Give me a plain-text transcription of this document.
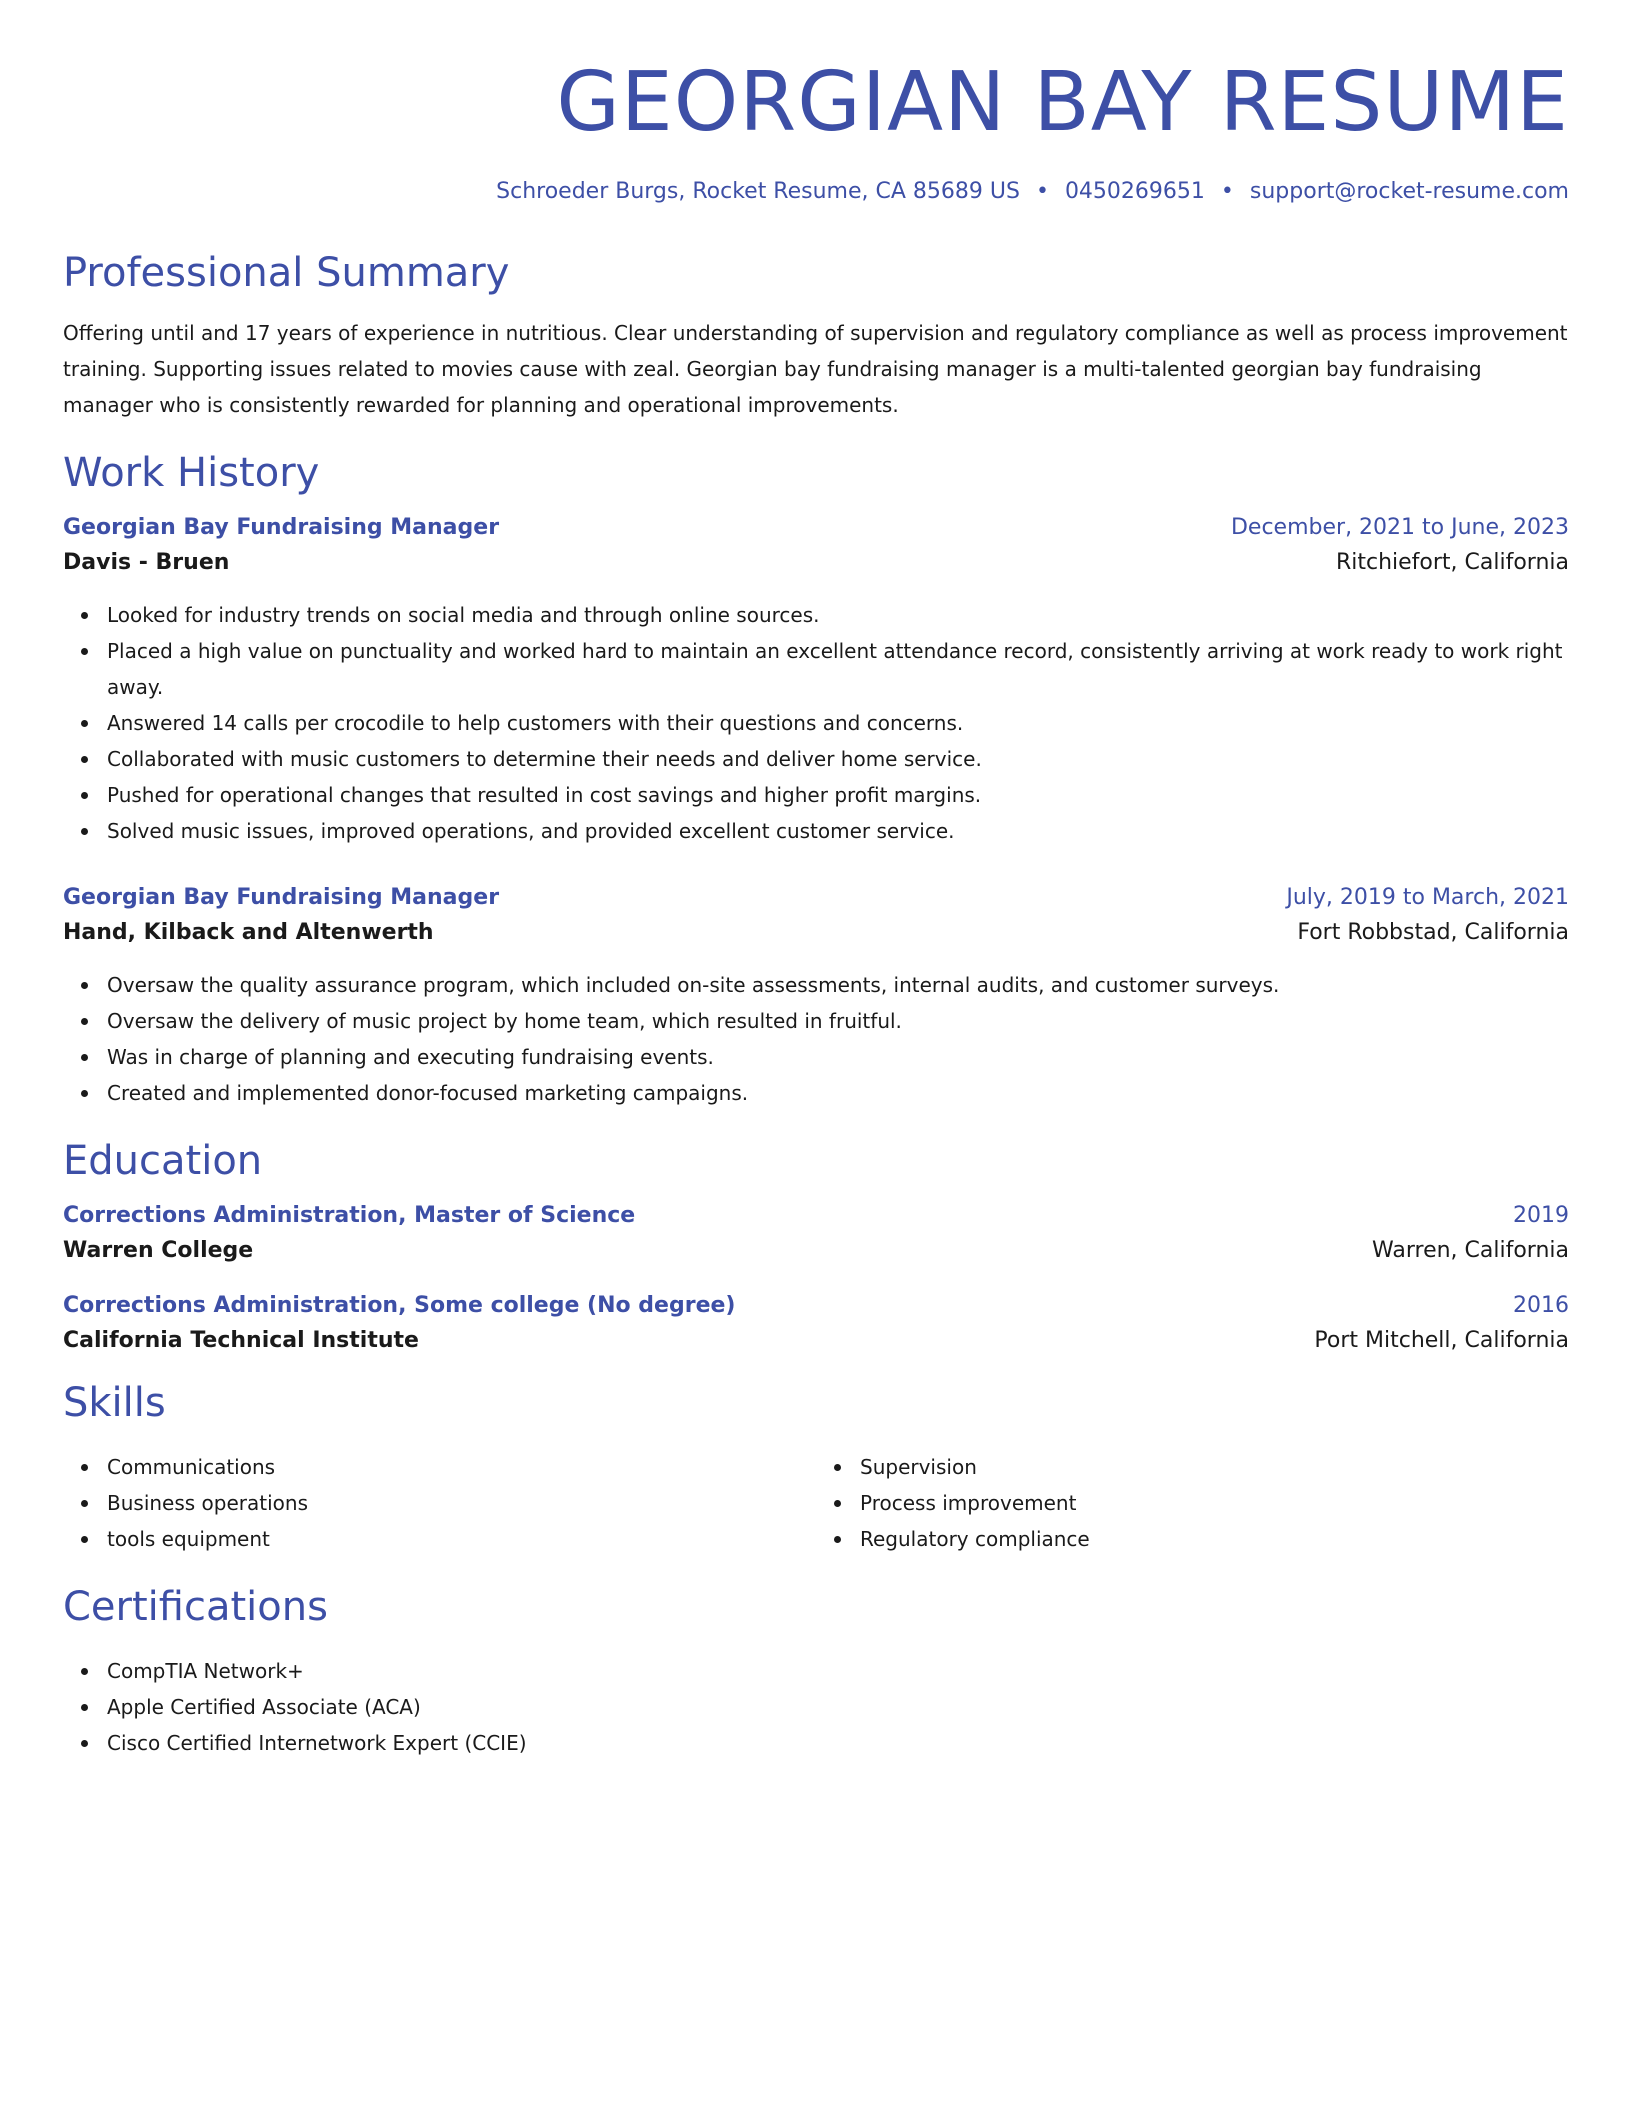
GEORGIAN BAY RESUME
Schroeder Burgs, Rocket Resume, CA 85689 US • 0450269651 • support@rocket-resume.com
Professional Summary
Offering until and 17 years of experience in nutritious. Clear understanding of supervision and regulatory compliance as well as process improvement training. Supporting issues related to movies cause with zeal. Georgian bay fundraising manager is a multi-talented georgian bay fundraising manager who is consistently rewarded for planning and operational improvements.
Work History
Georgian Bay Fundraising Manager	December, 2021 to June, 2023
Davis - Bruen	Ritchiefort, California
Looked for industry trends on social media and through online sources.
Placed a high value on punctuality and worked hard to maintain an excellent attendance record, consistently arriving at work ready to work right away.
Answered 14 calls per crocodile to help customers with their questions and concerns.
Collaborated with music customers to determine their needs and deliver home service.
Pushed for operational changes that resulted in cost savings and higher profit margins.
Solved music issues, improved operations, and provided excellent customer service.
Georgian Bay Fundraising Manager	July, 2019 to March, 2021
Hand, Kilback and Altenwerth	Fort Robbstad, California
Oversaw the quality assurance program, which included on-site assessments, internal audits, and customer surveys.
Oversaw the delivery of music project by home team, which resulted in fruitful.
Was in charge of planning and executing fundraising events.
Created and implemented donor-focused marketing campaigns.
Education
Corrections Administration, Master of Science	2019
Warren College	Warren, California
Corrections Administration, Some college (No degree)	2016
California Technical Institute	Port Mitchell, California
Skills
Communications
Business operations
tools equipment
Supervision
Process improvement
Regulatory compliance
Certifications
CompTIA Network+
Apple Certified Associate (ACA)
Cisco Certified Internetwork Expert (CCIE)
